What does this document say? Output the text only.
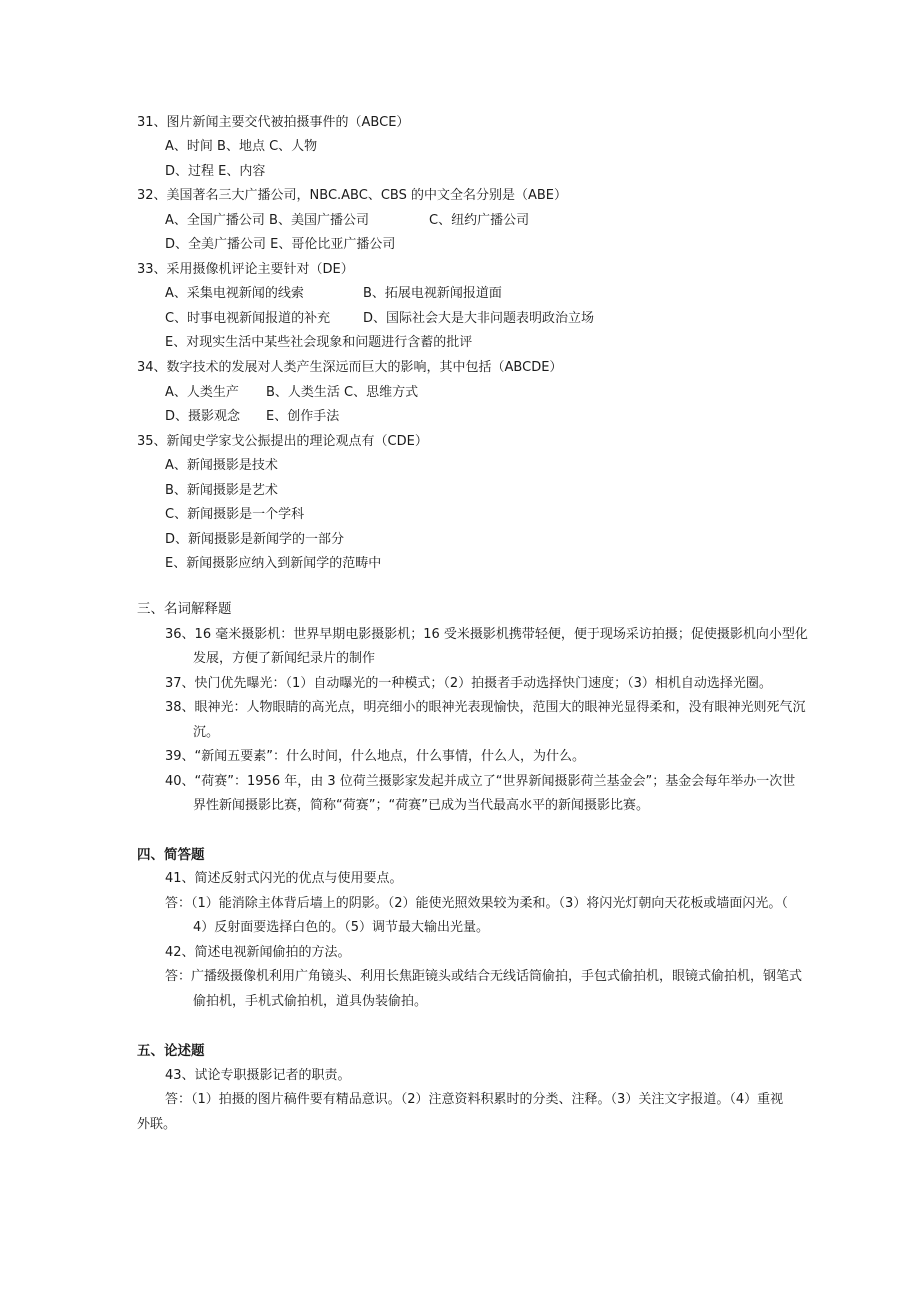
31、图片新闻主要交代被拍摄事件的（ABCE）
A、时间 B、地点 C、人物
D、过程 E、内容
32、美国著名三大广播公司，NBC.ABC、CBS 的中文全名分别是（ABE）
A、全国广播公司 B、美国广播公司	C、纽约广播公司
D、全美广播公司 E、哥伦比亚广播公司
33、采用摄像机评论主要针对（DE）
A、采集电视新闻的线索	B、拓展电视新闻报道面
C、时事电视新闻报道的补充	D、国际社会大是大非问题表明政治立场
E、对现实生活中某些社会现象和问题进行含蓄的批评
34、数字技术的发展对人类产生深远而巨大的影响，其中包括（ABCDE）
A、人类生产 B、人类生活 C、思维方式
D、摄影观念 E、创作手法
35、新闻史学家戈公振提出的理论观点有（CDE）
A、新闻摄影是技术
B、新闻摄影是艺术
C、新闻摄影是一个学科
D、新闻摄影是新闻学的一部分
E、新闻摄影应纳入到新闻学的范畴中
三、名词解释题
36、16 毫米摄影机：世界早期电影摄影机；16 受米摄影机携带轻便，便于现场采访拍摄；促使摄影机向小型化
发展，方便了新闻纪录片的制作
37、快门优先曝光：（1）自动曝光的一种模式；（2）拍摄者手动选择快门速度；（3）相机自动选择光圈。
38、眼神光：人物眼睛的高光点，明亮细小的眼神光表现愉快，范围大的眼神光显得柔和，没有眼神光则死气沉
沉。
39、“新闻五要素”：什么时间，什么地点，什么事情，什么人，为什么。
40、“荷赛”：1956 年，由 3 位荷兰摄影家发起并成立了“世界新闻摄影荷兰基金会”；基金会每年举办一次世
界性新闻摄影比赛，简称“荷赛”；“荷赛”已成为当代最高水平的新闻摄影比赛。
四、简答题
41、简述反射式闪光的优点与使用要点。
答：（1）能消除主体背后墙上的阴影。（2）能使光照效果较为柔和。（3）将闪光灯朝向天花板或墙面闪光。（
4）反射面要选择白色的。（5）调节最大输出光量。
42、简述电视新闻偷拍的方法。
答：广播级摄像机利用广角镜头、利用长焦距镜头或结合无线话筒偷拍，手包式偷拍机，眼镜式偷拍机，钢笔式
偷拍机，手机式偷拍机，道具伪装偷拍。
五、论述题
43、试论专职摄影记者的职责。
答：（1）拍摄的图片稿件要有精品意识。（2）注意资料积累时的分类、注释。（3）关注文字报道。（4）重视
外联。
